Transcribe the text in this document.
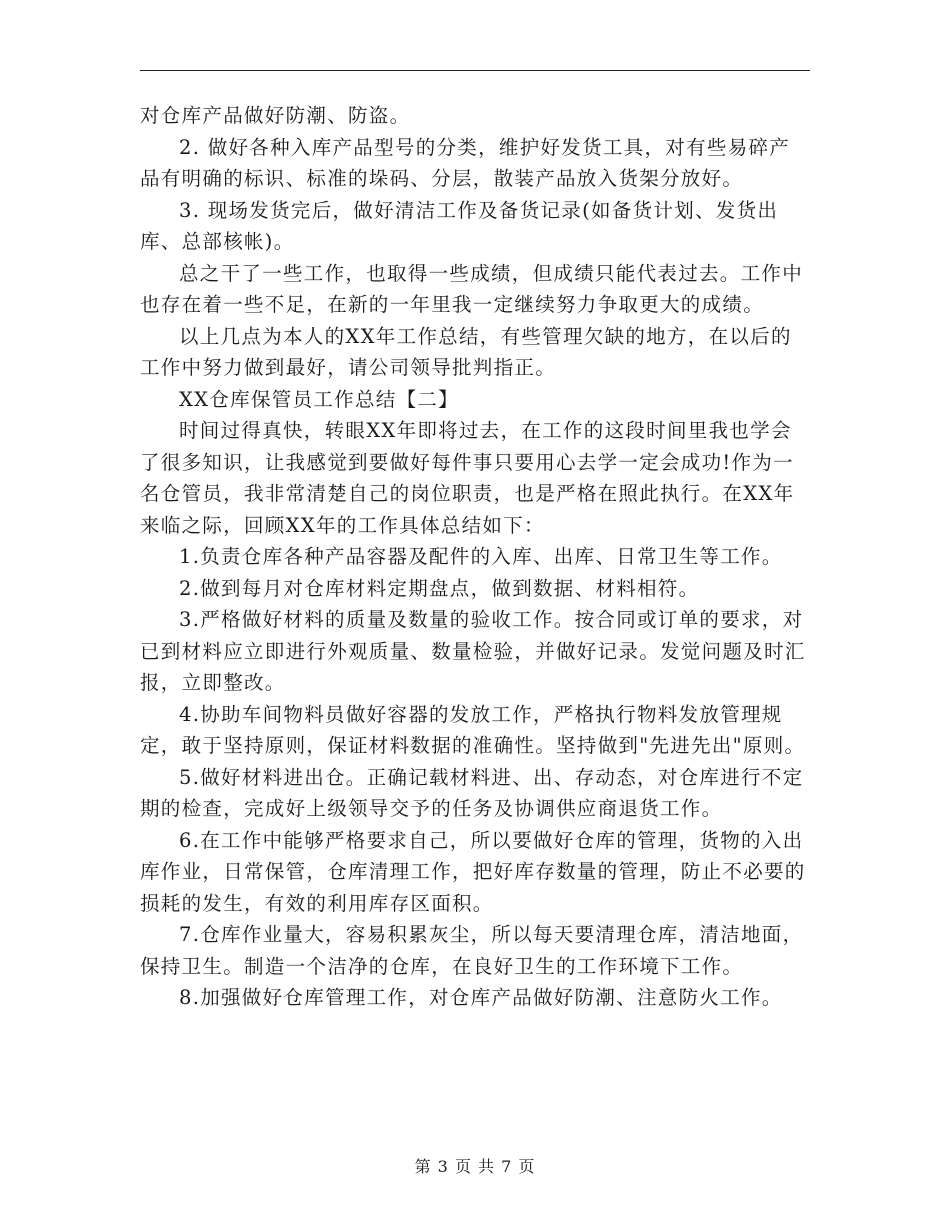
对仓库产品做好防潮、防盗。

2. 做好各种入库产品型号的分类，维护好发货工具，对有些易碎产品有明确的标识、标准的垛码、分层，散装产品放入货架分放好。

3. 现场发货完后，做好清洁工作及备货记录(如备货计划、发货出库、总部核帐)。

总之干了一些工作，也取得一些成绩，但成绩只能代表过去。工作中也存在着一些不足，在新的一年里我一定继续努力争取更大的成绩。

以上几点为本人的XX年工作总结，有些管理欠缺的地方，在以后的工作中努力做到最好，请公司领导批判指正。

XX仓库保管员工作总结【二】

时间过得真快，转眼XX年即将过去，在工作的这段时间里我也学会了很多知识，让我感觉到要做好每件事只要用心去学一定会成功!作为一名仓管员，我非常清楚自己的岗位职责，也是严格在照此执行。在XX年来临之际，回顾XX年的工作具体总结如下：

1.负责仓库各种产品容器及配件的入库、出库、日常卫生等工作。

2.做到每月对仓库材料定期盘点，做到数据、材料相符。

3.严格做好材料的质量及数量的验收工作。按合同或订单的要求，对已到材料应立即进行外观质量、数量检验，并做好记录。发觉问题及时汇报，立即整改。

4.协助车间物料员做好容器的发放工作，严格执行物料发放管理规定，敢于坚持原则，保证材料数据的准确性。坚持做到"先进先出"原则。

5.做好材料进出仓。正确记载材料进、出、存动态，对仓库进行不定期的检查，完成好上级领导交予的任务及协调供应商退货工作。

6.在工作中能够严格要求自己，所以要做好仓库的管理，货物的入出库作业，日常保管，仓库清理工作，把好库存数量的管理，防止不必要的损耗的发生，有效的利用库存区面积。

7.仓库作业量大，容易积累灰尘，所以每天要清理仓库，清洁地面，保持卫生。制造一个洁净的仓库，在良好卫生的工作环境下工作。

8.加强做好仓库管理工作，对仓库产品做好防潮、注意防火工作。

第 3 页 共 7 页
